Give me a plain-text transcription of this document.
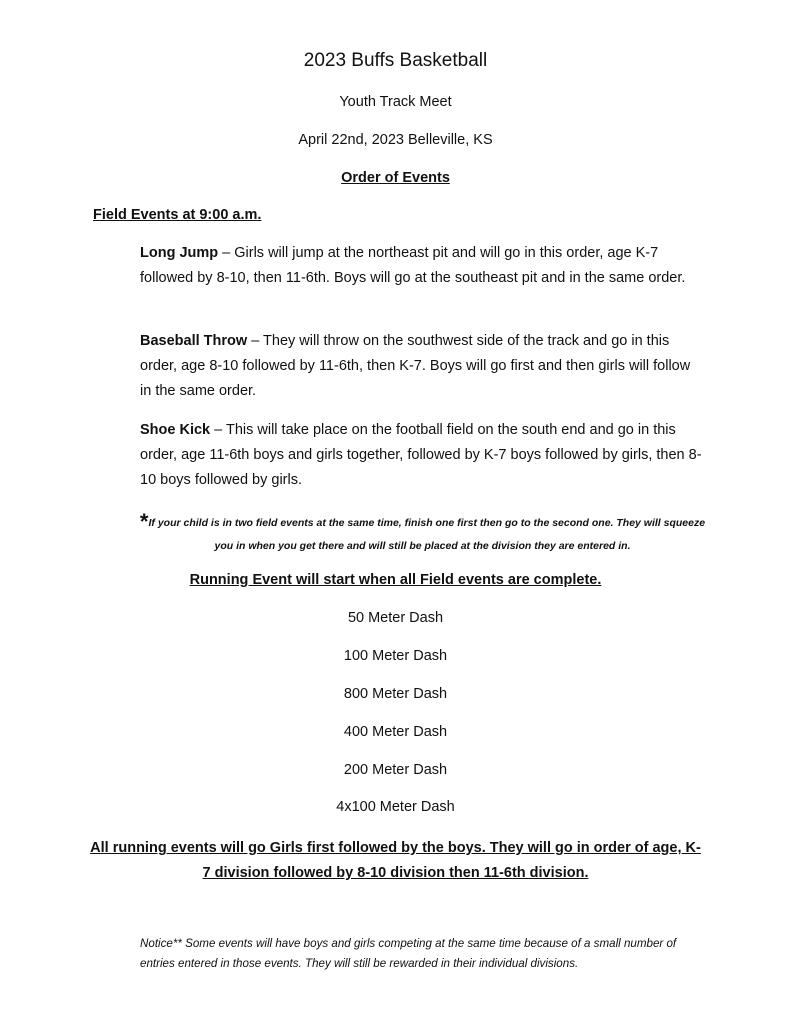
2023 Buffs Basketball
Youth Track Meet
April 22nd, 2023 Belleville, KS
Order of Events
Field Events at 9:00 a.m.
Long Jump – Girls will jump at the northeast pit and will go in this order, age K-7 followed by 8-10, then 11-6th. Boys will go at the southeast pit and in the same order.
Baseball Throw – They will throw on the southwest side of the track and go in this order, age 8-10 followed by 11-6th, then K-7. Boys will go first and then girls will follow in the same order.
Shoe Kick – This will take place on the football field on the south end and go in this order, age 11-6th boys and girls together, followed by K-7 boys followed by girls, then 8-10 boys followed by girls.
*If your child is in two field events at the same time, finish one first then go to the second one. They will squeeze you in when you get there and will still be placed at the division they are entered in.
Running Event will start when all Field events are complete.
50 Meter Dash
100 Meter Dash
800 Meter Dash
400 Meter Dash
200 Meter Dash
4x100 Meter Dash
All running events will go Girls first followed by the boys. They will go in order of age, K-7 division followed by 8-10 division then 11-6th division.
Notice** Some events will have boys and girls competing at the same time because of a small number of entries entered in those events. They will still be rewarded in their individual divisions.
